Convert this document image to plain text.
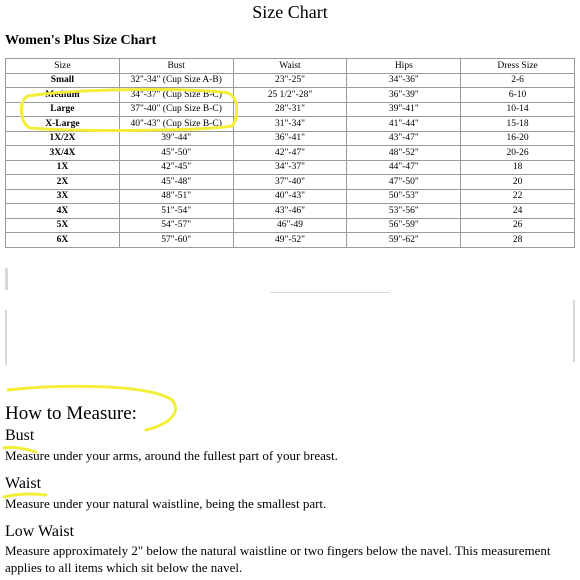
Size Chart
Women's Plus Size Chart
Size	Bust	Waist	Hips	Dress Size
Small	32"-34" (Cup Size A-B)	23"-25"	34"-36"	2-6
Medium	34"-37" (Cup Size B-C)	25 1/2"-28"	36"-39"	6-10
Large	37"-40" (Cup Size B-C)	28"-31"	39"-41"	10-14
X-Large	40"-43" (Cup Size B-C)	31"-34"	41"-44"	15-18
1X/2X	39"-44"	36"-41"	43"-47"	16-20
3X/4X	45"-50"	42"-47"	48"-52"	20-26
1X	42"-45"	34"-37"	44"-47"	18
2X	45"-48"	37"-40"	47"-50"	20
3X	48"-51"	40"-43"	50"-53"	22
4X	51"-54"	43"-46"	53"-56"	24
5X	54"-57"	46"-49	56"-59"	26
6X	57"-60"	49"-52"	59"-62"	28
How to Measure:
Bust
Measure under your arms, around the fullest part of your breast.
Waist
Measure under your natural waistline, being the smallest part.
Low Waist
Measure approximately 2" below the natural waistline or two fingers below the navel. This measurement applies to all items which sit below the navel.
